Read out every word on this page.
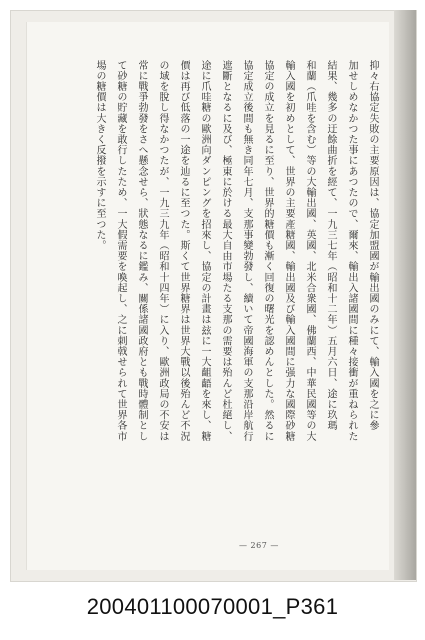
抑々右協定失敗の主要原因は、協定加盟國が輸出國のみにて、輸入國を之に參
加せしめなかつた事にあつたので、爾來、輸出入諸國間に種々接衝が重ねられた
結果、幾多の迂餘曲折を經て、一九三七年（昭和十二年）五月六日、途に玖瑪
和蘭（爪哇を含む）等の大輸出國、英國、北米合衆國、佛蘭西、中華民國等の大
輸入國を初めとして、世界の主要產糖國、輸出國及び輸入國間に强力な國際砂糖
協定の成立を見るに至り、世界的糖價も漸く回復の曙光を認めんとした。然るに
協定成立後間も無き同年七月、支那事變勃發し、續いて帝國海軍の支那沿岸航行
遮斷となるに及び、極東に於ける最大自由市場たる支那の需要は殆んど杜絕し、
途に爪哇糖の歐洲向ダンピングを招來し、協定の計畫は玆に一大齟齬を來し、糖
價は再び低落の一途を辿るに至つた。斯くて世界糖界は世界大戰以後殆んど不況
の域を脫し得なかつたが、一九三九年（昭和十四年）に入り、歐洲政局の不安は
常に戰爭勃發をさへ懸念せら、狀態なるに鑑み、關係諸國政府とも戰時體制とし
て砂糖の貯藏を敢行したため、一大假需要を喚起し、之に刺戟せられて世界各市
場の糖價は大きく反撥を示すに至つた。
— 267 —
200401100070001_P361
